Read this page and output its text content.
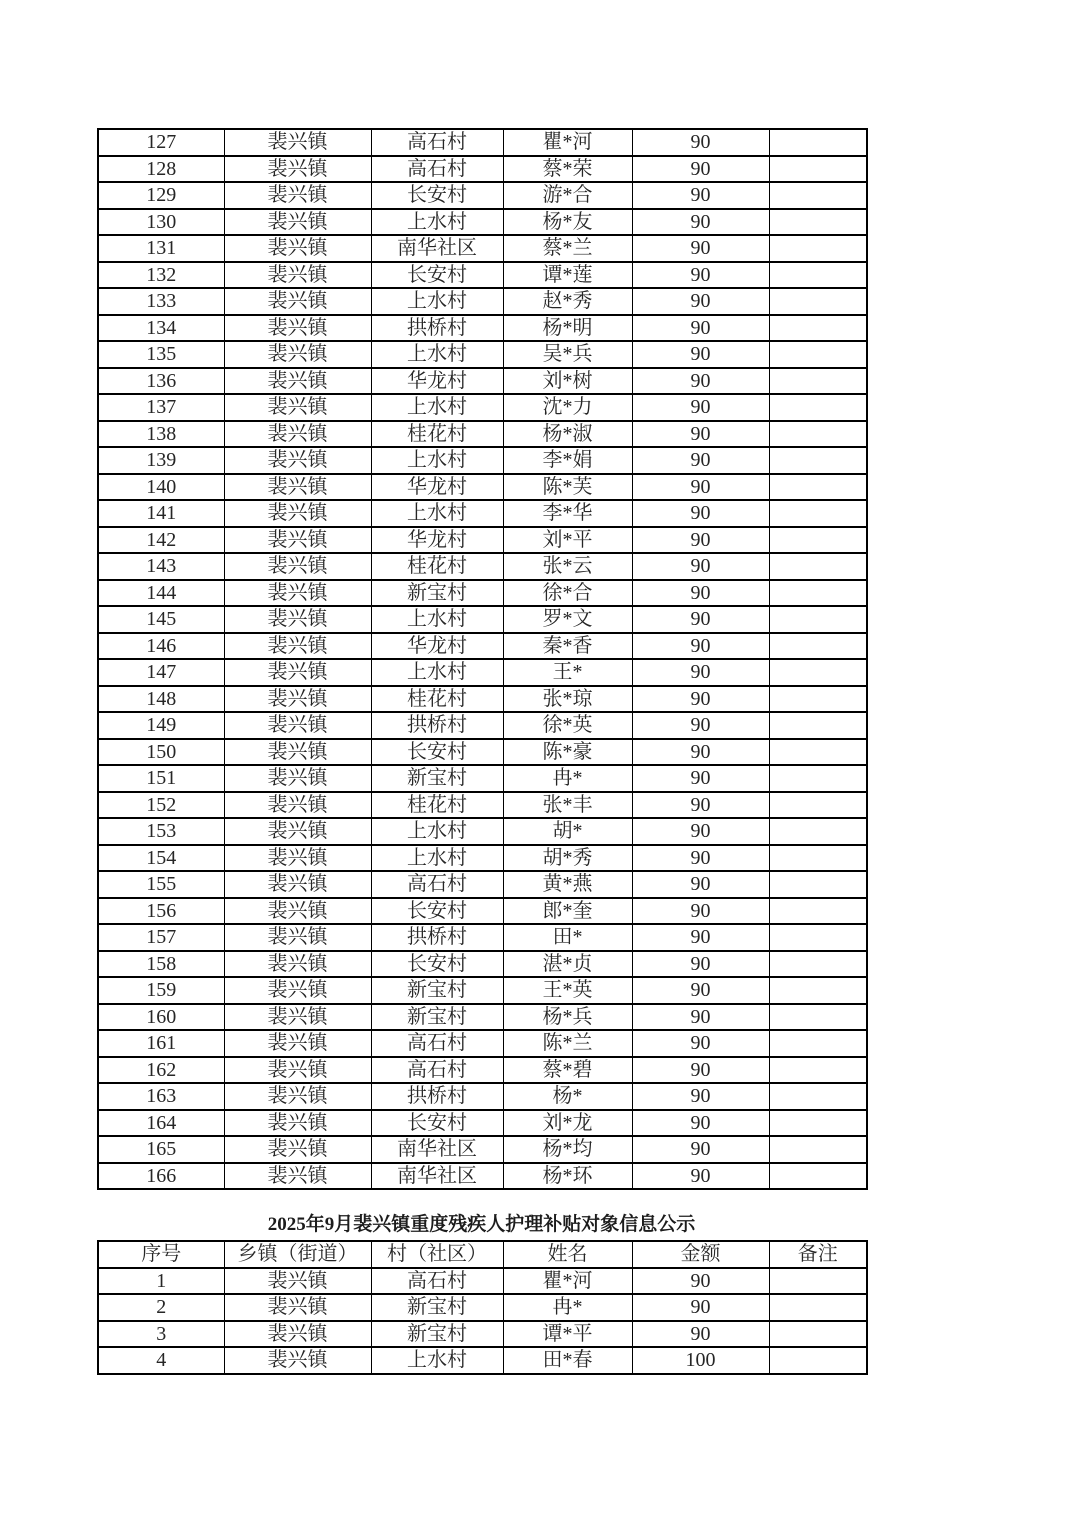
127	裴兴镇	高石村	瞿*河	90	
128	裴兴镇	高石村	蔡*荣	90	
129	裴兴镇	长安村	游*合	90	
130	裴兴镇	上水村	杨*友	90	
131	裴兴镇	南华社区	蔡*兰	90	
132	裴兴镇	长安村	谭*莲	90	
133	裴兴镇	上水村	赵*秀	90	
134	裴兴镇	拱桥村	杨*明	90	
135	裴兴镇	上水村	吴*兵	90	
136	裴兴镇	华龙村	刘*树	90	
137	裴兴镇	上水村	沈*力	90	
138	裴兴镇	桂花村	杨*淑	90	
139	裴兴镇	上水村	李*娟	90	
140	裴兴镇	华龙村	陈*芙	90	
141	裴兴镇	上水村	李*华	90	
142	裴兴镇	华龙村	刘*平	90	
143	裴兴镇	桂花村	张*云	90	
144	裴兴镇	新宝村	徐*合	90	
145	裴兴镇	上水村	罗*文	90	
146	裴兴镇	华龙村	秦*香	90	
147	裴兴镇	上水村	王*	90	
148	裴兴镇	桂花村	张*琼	90	
149	裴兴镇	拱桥村	徐*英	90	
150	裴兴镇	长安村	陈*豪	90	
151	裴兴镇	新宝村	冉*	90	
152	裴兴镇	桂花村	张*丰	90	
153	裴兴镇	上水村	胡*	90	
154	裴兴镇	上水村	胡*秀	90	
155	裴兴镇	高石村	黄*燕	90	
156	裴兴镇	长安村	郎*奎	90	
157	裴兴镇	拱桥村	田*	90	
158	裴兴镇	长安村	湛*贞	90	
159	裴兴镇	新宝村	王*英	90	
160	裴兴镇	新宝村	杨*兵	90	
161	裴兴镇	高石村	陈*兰	90	
162	裴兴镇	高石村	蔡*碧	90	
163	裴兴镇	拱桥村	杨*	90	
164	裴兴镇	长安村	刘*龙	90	
165	裴兴镇	南华社区	杨*均	90	
166	裴兴镇	南华社区	杨*环	90	
2025年9月裴兴镇重度残疾人护理补贴对象信息公示
序号	乡镇（街道）	村（社区）	姓名	金额	备注
1	裴兴镇	高石村	瞿*河	90	
2	裴兴镇	新宝村	冉*	90	
3	裴兴镇	新宝村	谭*平	90	
4	裴兴镇	上水村	田*春	100	
